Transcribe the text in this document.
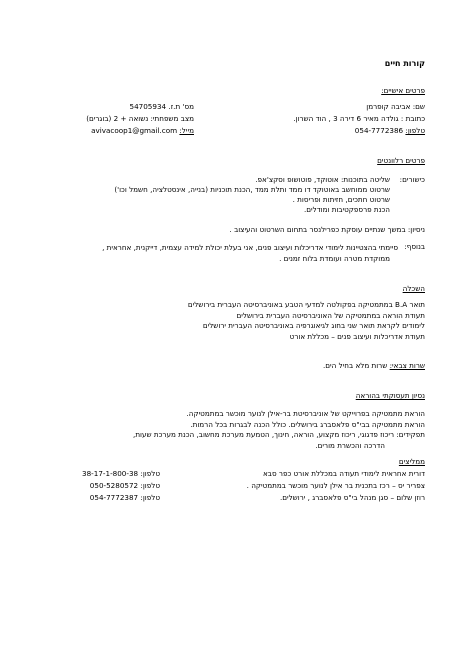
קורות חיים
פרטים אישיים:
שם: אביבה קופרמן
מס' ת.ז. 54705934
כתובת : גולדה מאיר 6 דירה 3 , הוד השרון.
מצב משפחתי: נשואה + 2 (בוגרים)
טלפון: 054-7772386
מייל: avivacoop1@gmail.com
פרטים רלוונטים
כישורים:
שליטה בתוכנות: אוטוקד, פוטושופ וסקצ'אפ.
שרטוט ממוחשב באוטוקד דו ממד ותלת ממד ,הכנת תוכניות (בנייה, אינסטלציה, חשמל וכו')
שרטוט חתכים, חזיתות ופריסות .
הכנת פרספקטיבות ומודלים.
ניסיון: במשך שנתיים עוסקת כפרילנסר בתחום השרטוט והעיצוב .
בנוסף:
סיימתי בהצטיינות לימודי אדריכלות ועיצוב פנים, אני בעלת יכולת למידה עצמית, דייקנית, אחראית ,
ממוקדת מטרה ועומדת בלוח זמנים .
השכלה
תואר B.A במתמטיקה בפקולטה למדעי הטבע באוניברסיטה העברית בירושלים
תעודת הוראה במתמטיקה של האוניברסיטה העברית בירושלים
לימודים לקראת תואר שני בחוג לגיאוגרפיה באוניברסיטה העברית ירושלים
תעודת אדריכלות ועיצוב פנים – מכללת אורט
שרות צבאי: שרות מלא בחיל הים.
נסיון תעסוקתי בהוראה
הוראת מתמטיקה בפרוייקט של אוניברסיטת בר-אילן לנוער מוכשר במתמטיקה.
הוראת מתמטיקה בבי"ס פלאסברג בירושלים. כולל הכנה לבגרות בכל הרמות.
תפקידים: ריכוז פדגוגי, ריכוז מקצוע, הוראה, חינוך, הטמעת מערכת מחשוב, הכנת מערכת שעות,
הדרכה והכשרת מורים.
ממליצים
דורית אחראית לימודי תעודה במכללת אורט כפר סבא
טלפון: 38-17-1-800-38
צפריר יס – רכז בתכנית בר אילן לנוער מוכשר במתמטיקה .
טלפון: 050-5280572
רוזן שלום – סגן מנהל בי"ס פלאסברג , ירושלים.
טלפון: 054-7772387
